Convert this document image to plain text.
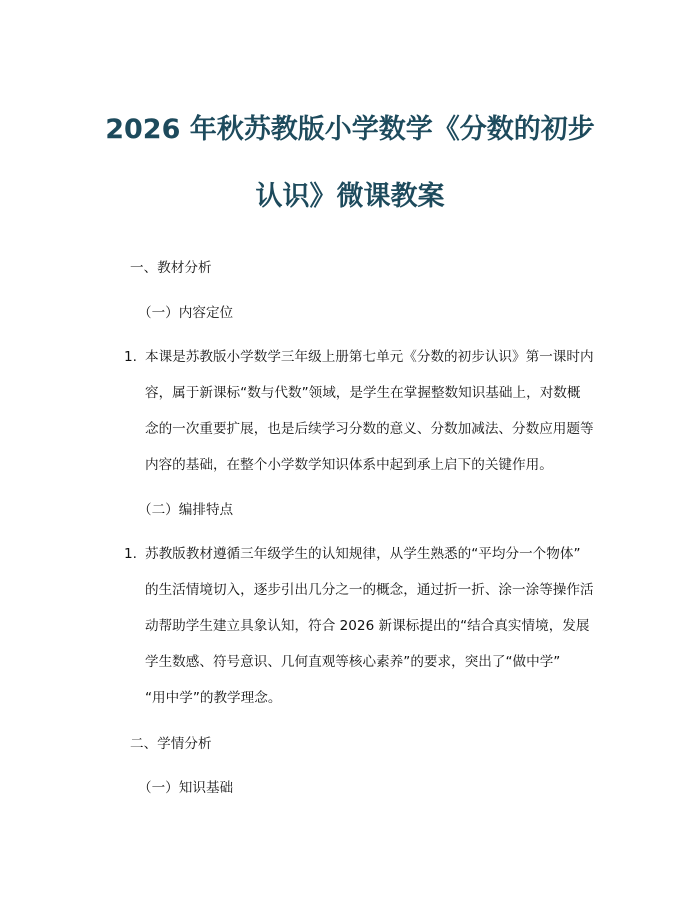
2026 年秋苏教版小学数学《分数的初步
认识》微课教案
一、教材分析
（一）内容定位
1. 本课是苏教版小学数学三年级上册第七单元《分数的初步认识》第一课时内
容，属于新课标“数与代数”领域，是学生在掌握整数知识基础上，对数概
念的一次重要扩展，也是后续学习分数的意义、分数加减法、分数应用题等
内容的基础，在整个小学数学知识体系中起到承上启下的关键作用。
（二）编排特点
1. 苏教版教材遵循三年级学生的认知规律，从学生熟悉的“平均分一个物体”
的生活情境切入，逐步引出几分之一的概念，通过折一折、涂一涂等操作活
动帮助学生建立具象认知，符合 2026 新课标提出的“结合真实情境，发展
学生数感、符号意识、几何直观等核心素养”的要求，突出了“做中学”
“用中学”的教学理念。
二、学情分析
（一）知识基础
